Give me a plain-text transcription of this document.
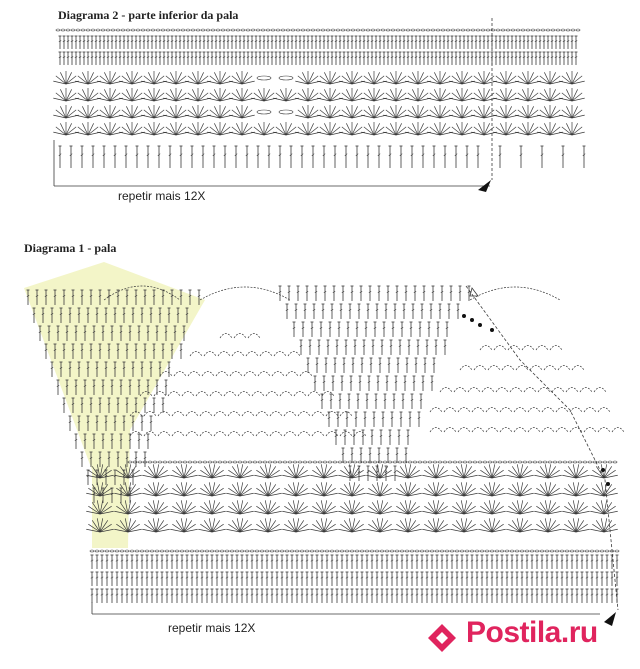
Diagrama 2 - parte inferior da pala
Diagrama 1 - pala
repetir mais 12X
repetir mais 12X	Postila.ru
